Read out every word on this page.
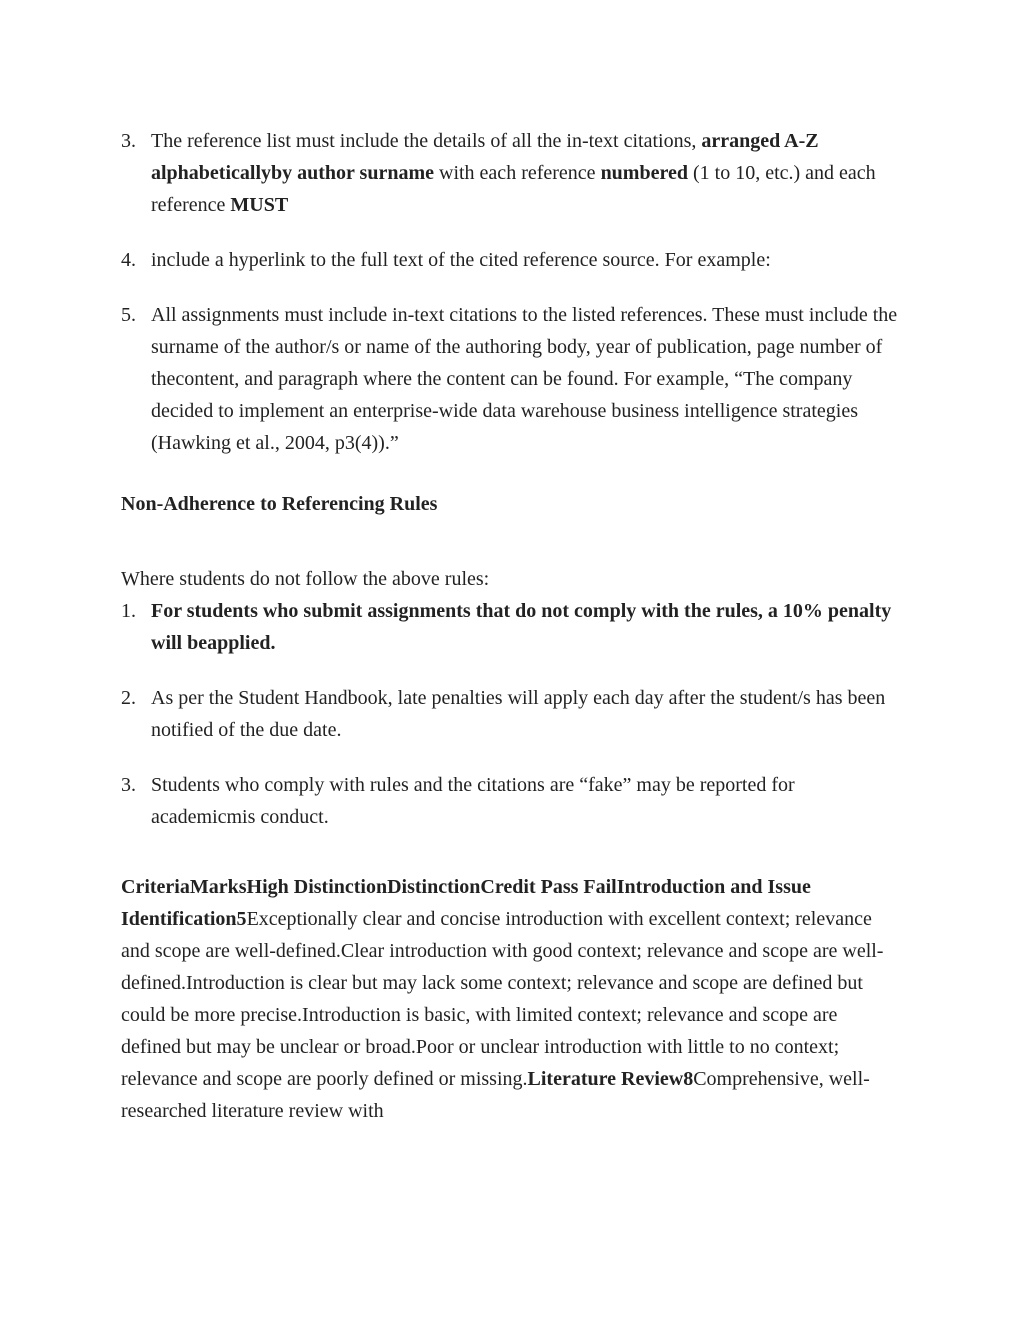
3. The reference list must include the details of all the in-text citations, arranged A-Z alphabeticallyby author surname with each reference numbered (1 to 10, etc.) and each reference MUST
4. include a hyperlink to the full text of the cited reference source. For example:
5. All assignments must include in-text citations to the listed references. These must include the surname of the author/s or name of the authoring body, year of publication, page number of thecontent, and paragraph where the content can be found. For example, “The company decided to implement an enterprise-wide data warehouse business intelligence strategies (Hawking et al., 2004, p3(4)).”

Non-Adherence to Referencing Rules

Where students do not follow the above rules:

1. For students who submit assignments that do not comply with the rules, a 10% penalty will beapplied.
2. As per the Student Handbook, late penalties will apply each day after the student/s has been notified of the due date.
3. Students who comply with rules and the citations are “fake” may be reported for academicmis conduct.

CriteriaMarksHigh DistinctionDistinctionCredit Pass FailIntroduction and Issue Identification5Exceptionally clear and concise introduction with excellent context; relevance and scope are well-defined.Clear introduction with good context; relevance and scope are well-defined.Introduction is clear but may lack some context; relevance and scope are defined but could be more precise.Introduction is basic, with limited context; relevance and scope are defined but may be unclear or broad.Poor or unclear introduction with little to no context; relevance and scope are poorly defined or missing.Literature Review8Comprehensive, well-researched literature review with
